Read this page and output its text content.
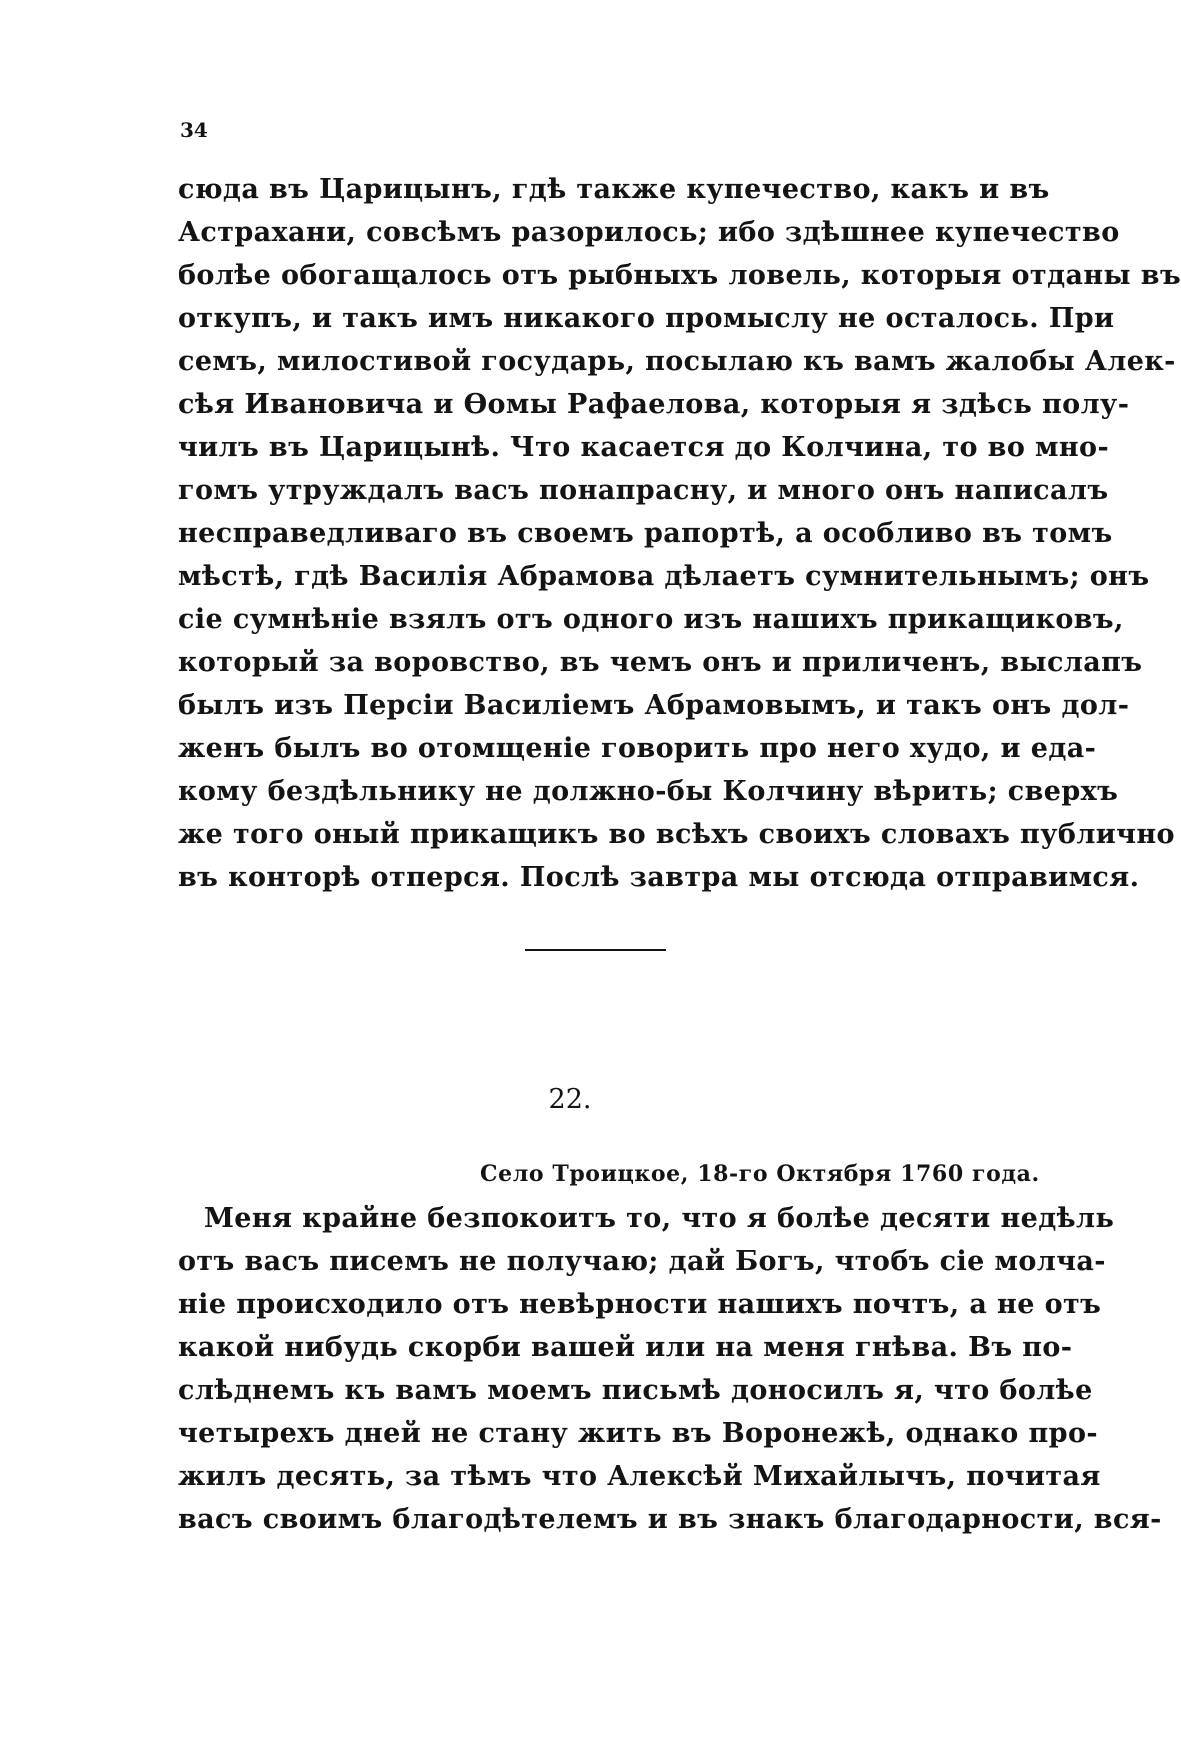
34

сюда въ Царицынъ, гдѣ также купечество, какъ и въ
Астрахани, совсѣмъ разорилось; ибо здѣшнее купечество
болѣе обогащалось отъ рыбныхъ ловель, которыя отданы въ
откупъ, и такъ имъ никакого промыслу не осталось. При
семъ, милостивой государь, посылаю къ вамъ жалобы Алек-
сѣя Ивановича и Ѳомы Рафаелова, которыя я здѣсь полу-
чилъ въ Царицынѣ. Что касается до Колчина, то во мно-
гомъ утруждалъ васъ понапрасну, и много онъ написалъ
несправедливаго въ своемъ рапортѣ, а особливо въ томъ
мѣстѣ, гдѣ Василія Абрамова дѣлаетъ сумнительнымъ; онъ
сіе сумнѣніе взялъ отъ одного изъ нашихъ прикащиковъ,
который за воровство, въ чемъ онъ и приличенъ, выслапъ
былъ изъ Персіи Василіемъ Абрамовымъ, и такъ онъ дол-
женъ былъ во отомщеніе говорить про него худо, и еда-
кому бездѣльнику не должно-бы Колчину вѣрить; сверхъ
же того оный прикащикъ во всѣхъ своихъ словахъ публично
въ конторѣ отперся. Послѣ завтра мы отсюда отправимся.

22.

Село Троицкое, 18-го Октября 1760 года.

Меня крайне безпокоитъ то, что я болѣе десяти недѣль
отъ васъ писемъ не получаю; дай Богъ, чтобъ сіе молча-
ніе происходило отъ невѣрности нашихъ почтъ, а не отъ
какой нибудь скорби вашей или на меня гнѣва. Въ по-
слѣднемъ къ вамъ моемъ письмѣ доносилъ я, что болѣе
четырехъ дней не стану жить въ Воронежѣ, однако про-
жилъ десять, за тѣмъ что Алексѣй Михайлычъ, почитая
васъ своимъ благодѣтелемъ и въ знакъ благодарности, вся-
